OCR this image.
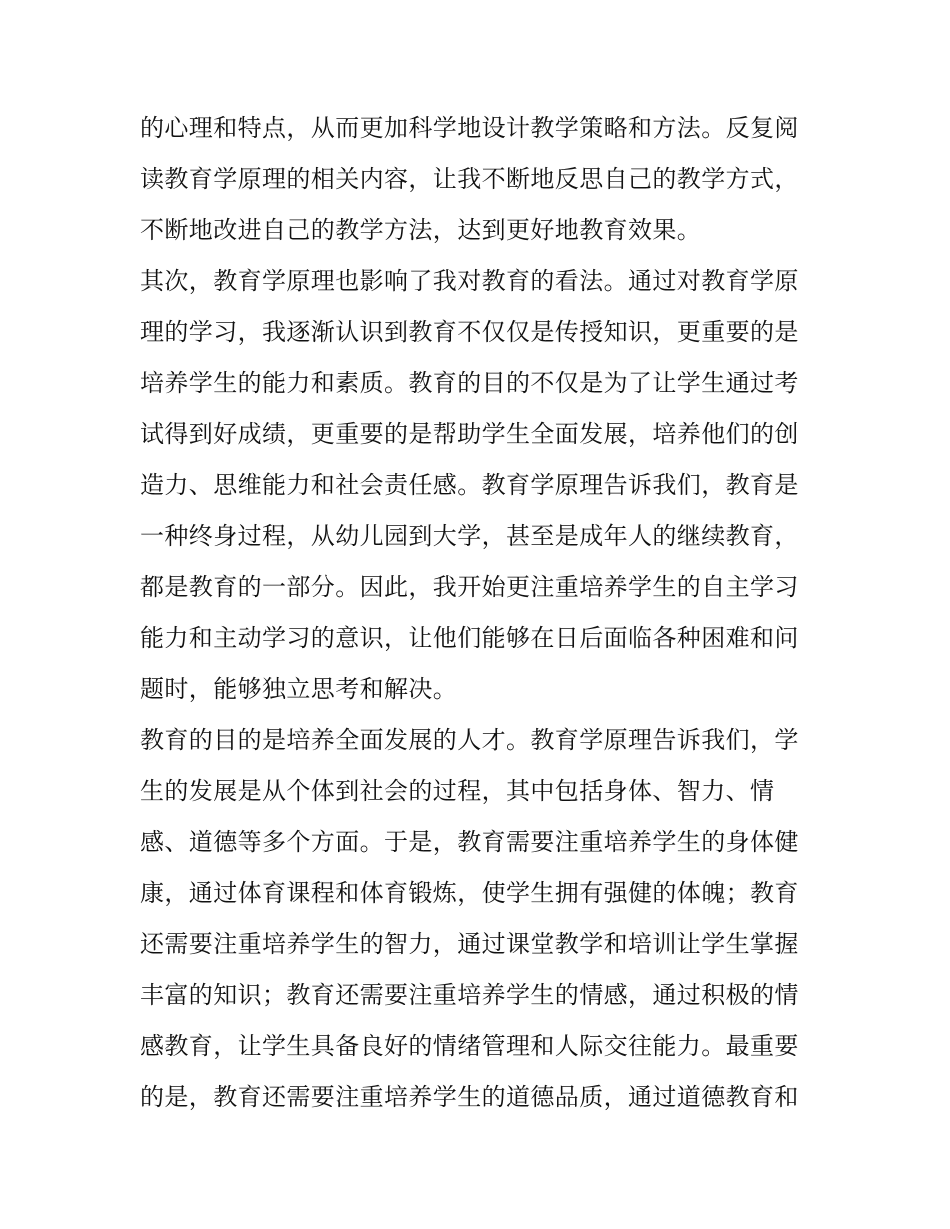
的心理和特点，从而更加科学地设计教学策略和方法。反复阅
读教育学原理的相关内容，让我不断地反思自己的教学方式，
不断地改进自己的教学方法，达到更好地教育效果。
其次，教育学原理也影响了我对教育的看法。通过对教育学原
理的学习，我逐渐认识到教育不仅仅是传授知识，更重要的是
培养学生的能力和素质。教育的目的不仅是为了让学生通过考
试得到好成绩，更重要的是帮助学生全面发展，培养他们的创
造力、思维能力和社会责任感。教育学原理告诉我们，教育是
一种终身过程，从幼儿园到大学，甚至是成年人的继续教育，
都是教育的一部分。因此，我开始更注重培养学生的自主学习
能力和主动学习的意识，让他们能够在日后面临各种困难和问
题时，能够独立思考和解决。
教育的目的是培养全面发展的人才。教育学原理告诉我们，学
生的发展是从个体到社会的过程，其中包括身体、智力、情
感、道德等多个方面。于是，教育需要注重培养学生的身体健
康，通过体育课程和体育锻炼，使学生拥有强健的体魄；教育
还需要注重培养学生的智力，通过课堂教学和培训让学生掌握
丰富的知识；教育还需要注重培养学生的情感，通过积极的情
感教育，让学生具备良好的情绪管理和人际交往能力。最重要
的是，教育还需要注重培养学生的道德品质，通过道德教育和
